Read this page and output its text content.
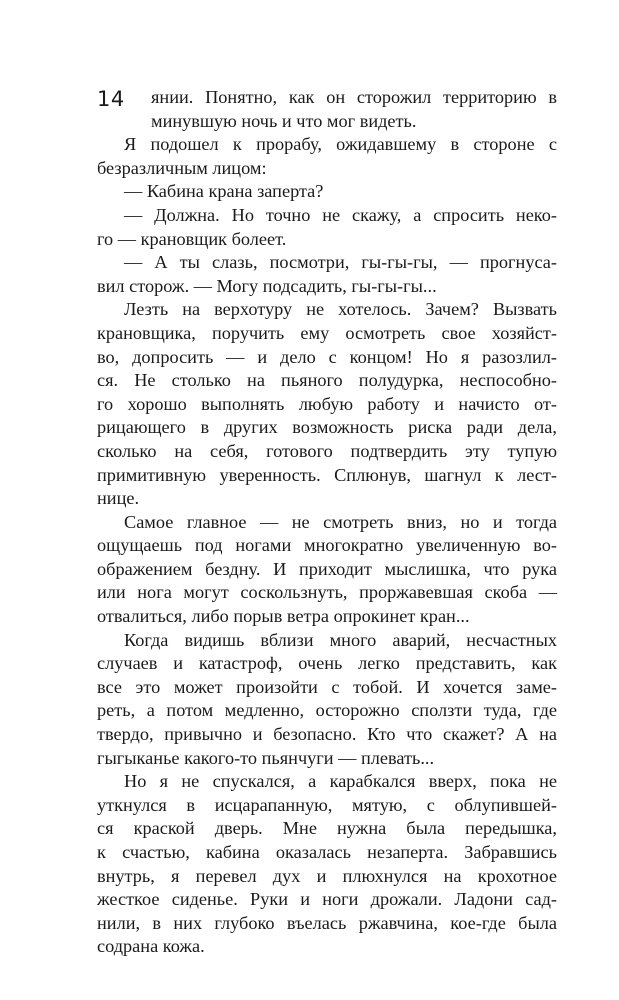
14	янии. Понятно, как он сторожил территорию в
минувшую ночь и что мог видеть.
Я подошел к прорабу, ожидавшему в стороне с
безразличным лицом:
— Кабина крана заперта?
— Должна. Но точно не скажу, а спросить неко-
го — крановщик болеет.
— А ты слазь, посмотри, гы-гы-гы, — прогнуса-
вил сторож. — Могу подсадить, гы-гы-гы...
Лезть на верхотуру не хотелось. Зачем? Вызвать
крановщика, поручить ему осмотреть свое хозяйст-
во, допросить — и дело с концом! Но я разозлил-
ся. Не столько на пьяного полудурка, неспособно-
го хорошо выполнять любую работу и начисто от-
рицающего в других возможность риска ради дела,
сколько на себя, готового подтвердить эту тупую
примитивную уверенность. Сплюнув, шагнул к лест-
нице.
Самое главное — не смотреть вниз, но и тогда
ощущаешь под ногами многократно увеличенную во-
ображением бездну. И приходит мыслишка, что рука
или нога могут соскользнуть, проржавевшая скоба —
отвалиться, либо порыв ветра опрокинет кран...
Когда видишь вблизи много аварий, несчастных
случаев и катастроф, очень легко представить, как
все это может произойти с тобой. И хочется заме-
реть, а потом медленно, осторожно сползти туда, где
твердо, привычно и безопасно. Кто что скажет? А на
гыгыканье какого-то пьянчуги — плевать...
Но я не спускался, а карабкался вверх, пока не
уткнулся в исцарапанную, мятую, с облупившей-
ся краской дверь. Мне нужна была передышка,
к счастью, кабина оказалась незаперта. Забравшись
внутрь, я перевел дух и плюхнулся на крохотное
жесткое сиденье. Руки и ноги дрожали. Ладони сад-
нили, в них глубоко въелась ржавчина, кое-где была
содрана кожа.
